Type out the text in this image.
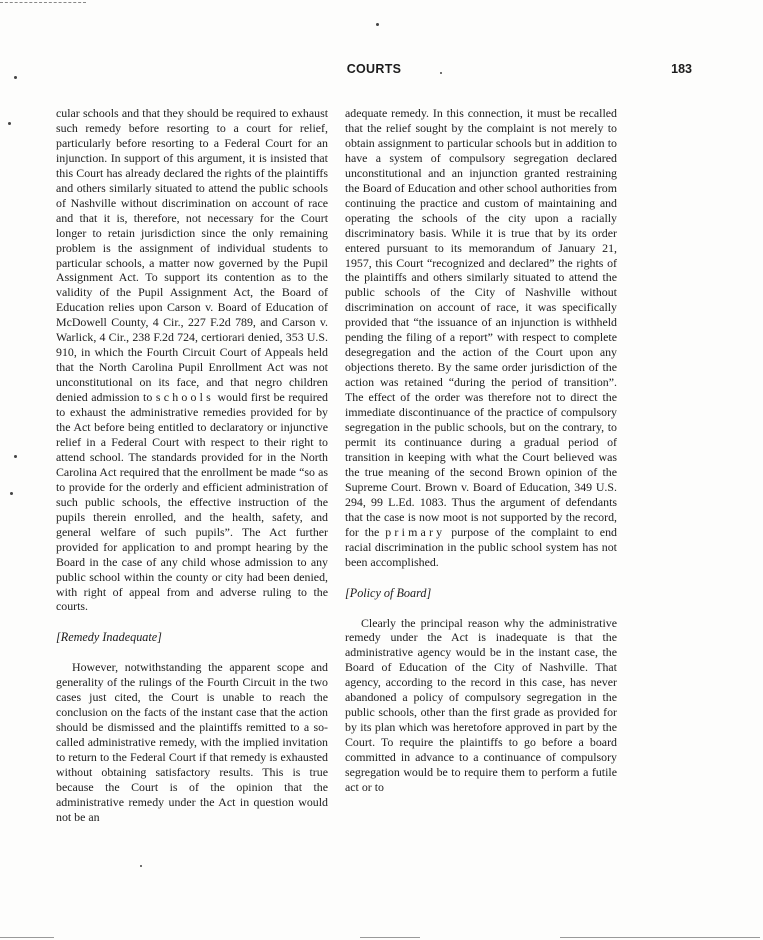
COURTS	183

cular schools and that they should be required to exhaust such remedy before resorting to a court for relief, particularly before resorting to a Federal Court for an injunction. In support of this argument, it is insisted that this Court has already declared the rights of the plaintiffs and others similarly situated to attend the public schools of Nashville without discrimination on account of race and that it is, therefore, not necessary for the Court longer to retain jurisdiction since the only remaining problem is the assignment of individual students to particular schools, a matter now governed by the Pupil Assignment Act. To support its contention as to the validity of the Pupil Assignment Act, the Board of Education relies upon Carson v. Board of Education of McDowell County, 4 Cir., 227 F.2d 789, and Carson v. Warlick, 4 Cir., 238 F.2d 724, certiorari denied, 353 U.S. 910, in which the Fourth Circuit Court of Appeals held that the North Carolina Pupil Enrollment Act was not unconstitutional on its face, and that negro children denied admission to schools would first be required to exhaust the administrative remedies provided for by the Act before being entitled to declaratory or injunctive relief in a Federal Court with respect to their right to attend school. The standards provided for in the North Carolina Act required that the enrollment be made “so as to provide for the orderly and efficient administration of such public schools, the effective instruction of the pupils therein enrolled, and the health, safety, and general welfare of such pupils”. The Act further provided for application to and prompt hearing by the Board in the case of any child whose admission to any public school within the county or city had been denied, with right of appeal from and adverse ruling to the courts.

[Remedy Inadequate]

However, notwithstanding the apparent scope and generality of the rulings of the Fourth Circuit in the two cases just cited, the Court is unable to reach the conclusion on the facts of the instant case that the action should be dismissed and the plaintiffs remitted to a so-called administrative remedy, with the implied invitation to return to the Federal Court if that remedy is exhausted without obtaining satisfactory results. This is true because the Court is of the opinion that the administrative remedy under the Act in question would not be an

adequate remedy. In this connection, it must be recalled that the relief sought by the complaint is not merely to obtain assignment to particular schools but in addition to have a system of compulsory segregation declared unconstitutional and an injunction granted restraining the Board of Education and other school authorities from continuing the practice and custom of maintaining and operating the schools of the city upon a racially discriminatory basis. While it is true that by its order entered pursuant to its memorandum of January 21, 1957, this Court “recognized and declared” the rights of the plaintiffs and others similarly situated to attend the public schools of the City of Nashville without discrimination on account of race, it was specifically provided that “the issuance of an injunction is withheld pending the filing of a report” with respect to complete desegregation and the action of the Court upon any objections thereto. By the same order jurisdiction of the action was retained “during the period of transition”. The effect of the order was therefore not to direct the immediate discontinuance of the practice of compulsory segregation in the public schools, but on the contrary, to permit its continuance during a gradual period of transition in keeping with what the Court believed was the true meaning of the second Brown opinion of the Supreme Court. Brown v. Board of Education, 349 U.S. 294, 99 L.Ed. 1083. Thus the argument of defendants that the case is now moot is not supported by the record, for the primary purpose of the complaint to end racial discrimination in the public school system has not been accomplished.

[Policy of Board]

Clearly the principal reason why the administrative remedy under the Act is inadequate is that the administrative agency would be in the instant case, the Board of Education of the City of Nashville. That agency, according to the record in this case, has never abandoned a policy of compulsory segregation in the public schools, other than the first grade as provided for by its plan which was heretofore approved in part by the Court. To require the plaintiffs to go before a board committed in advance to a continuance of compulsory segregation would be to require them to perform a futile act or to
